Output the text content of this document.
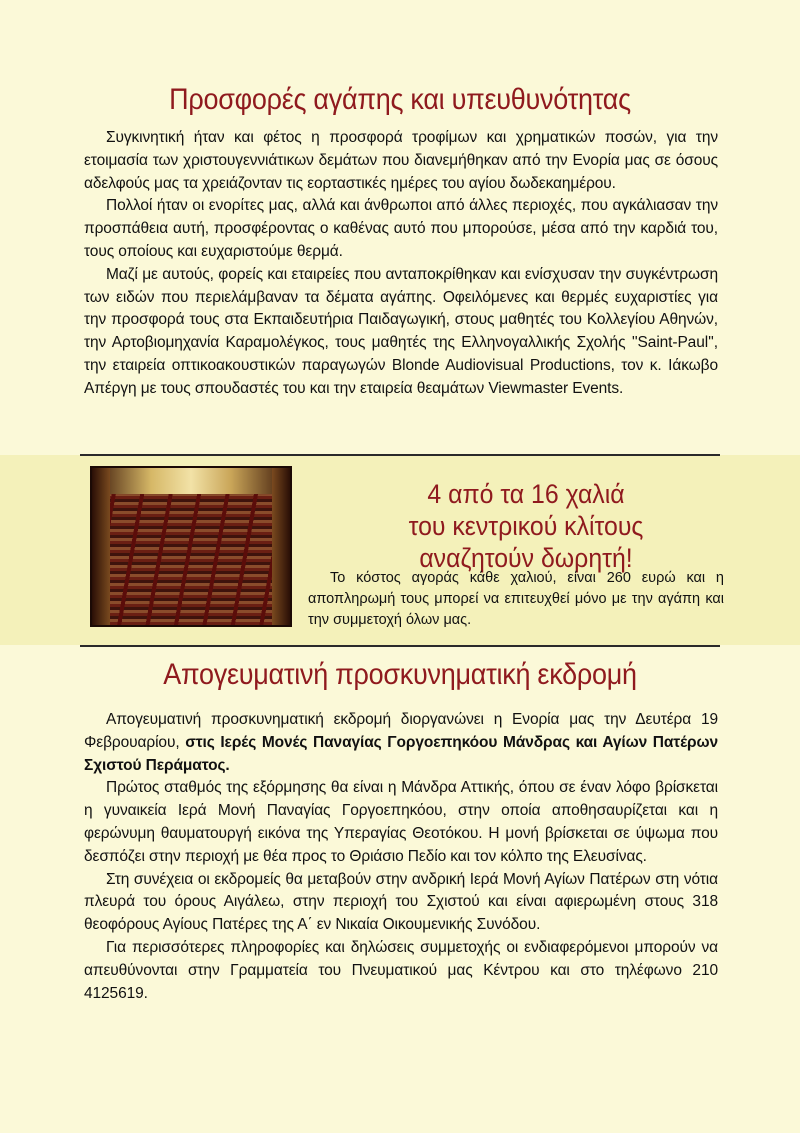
Προσφορές αγάπης και υπευθυνότητας

Συγκινητική ήταν και φέτος η προσφορά τροφίμων και χρηματικών ποσών, για την ετοιμασία των χριστουγεννιάτικων δεμάτων που διανεμήθηκαν από την Ενορία μας σε όσους αδελφούς μας τα χρειάζονταν τις εορταστικές ημέρες του αγίου δωδεκαημέρου.

Πολλοί ήταν οι ενορίτες μας, αλλά και άνθρωποι από άλλες περιοχές, που αγκάλιασαν την προσπάθεια αυτή, προσφέροντας ο καθένας αυτό που μπορούσε, μέσα από την καρδιά του, τους οποίους και ευχαριστούμε θερμά.

Μαζί με αυτούς, φορείς και εταιρείες που ανταποκρίθηκαν και ενίσχυσαν την συγκέντρωση των ειδών που περιελάμβαναν τα δέματα αγάπης. Οφειλόμενες και θερμές ευχαριστίες για την προσφορά τους στα Εκπαιδευτήρια Παιδαγωγική, στους μαθητές του Κολλεγίου Αθηνών, την Αρτοβιομηχανία Καραμολέγκος, τους μαθητές της Ελληνογαλλικής Σχολής ''Saint-Paul'', την εταιρεία οπτικοακουστικών παραγωγών Blonde Audiovisual Productions, τον κ. Ιάκωβο Απέργη με τους σπουδαστές του και την εταιρεία θεαμάτων Viewmaster Events.

4 από τα 16 χαλιά
του κεντρικού κλίτους
αναζητούν δωρητή!

Το κόστος αγοράς κάθε χαλιού, είναι 260 ευρώ και η αποπληρωμή τους μπορεί να επιτευχθεί μόνο με την αγάπη και την συμμετοχή όλων μας.

Απογευματινή προσκυνηματική εκδρομή

Απογευματινή προσκυνηματική εκδρομή διοργανώνει η Ενορία μας την Δευτέρα 19 Φεβρουαρίου, στις Ιερές Μονές Παναγίας Γοργοεπηκόου Μάνδρας και Αγίων Πατέρων Σχιστού Περάματος.

Πρώτος σταθμός της εξόρμησης θα είναι η Μάνδρα Αττικής, όπου σε έναν λόφο βρίσκεται η γυναικεία Ιερά Μονή Παναγίας Γοργοεπηκόου, στην οποία αποθησαυρίζεται και η φερώνυμη θαυματουργή εικόνα της Υπεραγίας Θεοτόκου. Η μονή βρίσκεται σε ύψωμα που δεσπόζει στην περιοχή με θέα προς το Θριάσιο Πεδίο και τον κόλπο της Ελευσίνας.

Στη συνέχεια οι εκδρομείς θα μεταβούν στην ανδρική Ιερά Μονή Αγίων Πατέρων στη νότια πλευρά του όρους Αιγάλεω, στην περιοχή του Σχιστού και είναι αφιερωμένη στους 318 θεοφόρους Αγίους Πατέρες της Α΄ εν Νικαία Οικουμενικής Συνόδου.

Για περισσότερες πληροφορίες και δηλώσεις συμμετοχής οι ενδιαφερόμενοι μπορούν να απευθύνονται στην Γραμματεία του Πνευματικού μας Κέντρου και στο τηλέφωνο 210 4125619.
